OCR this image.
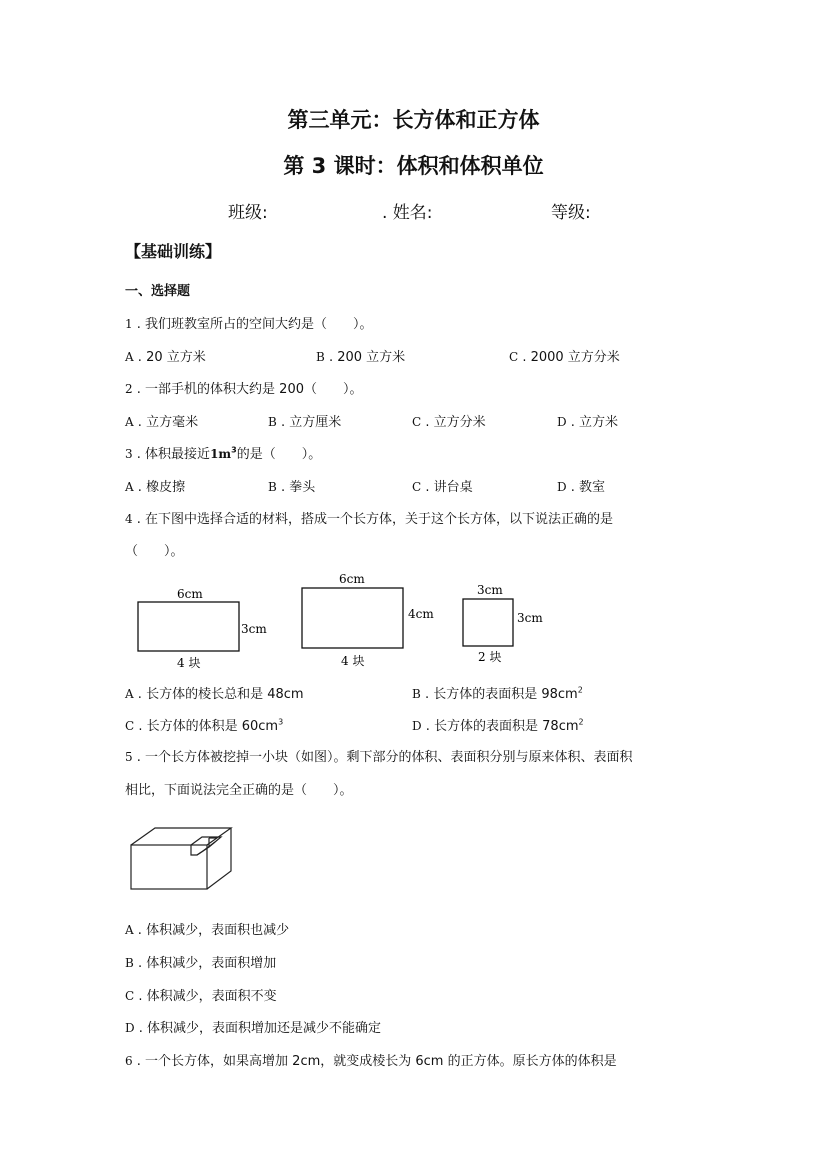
第三单元：长方体和正方体
第 3 课时：体积和体积单位
班级:	. 姓名:	等级:
【基础训练】
一、选择题
1 . 我们班教室所占的空间大约是（　　）。
A . 20 立方米	B . 200 立方米	C . 2000 立方分米
2 . 一部手机的体积大约是 200（　　）。
A . 立方毫米	B . 立方厘米	C . 立方分米	D . 立方米
3 . 体积最接近$1m^3$的是（　　）。
A . 橡皮擦	B . 拳头	C . 讲台桌	D . 教室
4 . 在下图中选择合适的材料，搭成一个长方体，关于这个长方体，以下说法正确的是
（　　）。
6cm
3cm
4 块
6cm
4cm
4 块
3cm
3cm
2 块
A . 长方体的棱长总和是 48cm	B . 长方体的表面积是 $98cm^2$
C . 长方体的体积是 $60cm^3$	D . 长方体的表面积是 $78cm^2$
5 . 一个长方体被挖掉一小块（如图）。剩下部分的体积、表面积分别与原来体积、表面积
相比，下面说法完全正确的是（　　）。
A . 体积减少，表面积也减少
B . 体积减少，表面积增加
C . 体积减少，表面积不变
D . 体积减少，表面积增加还是减少不能确定
6 . 一个长方体，如果高增加 2cm，就变成棱长为 6cm 的正方体。原长方体的体积是
